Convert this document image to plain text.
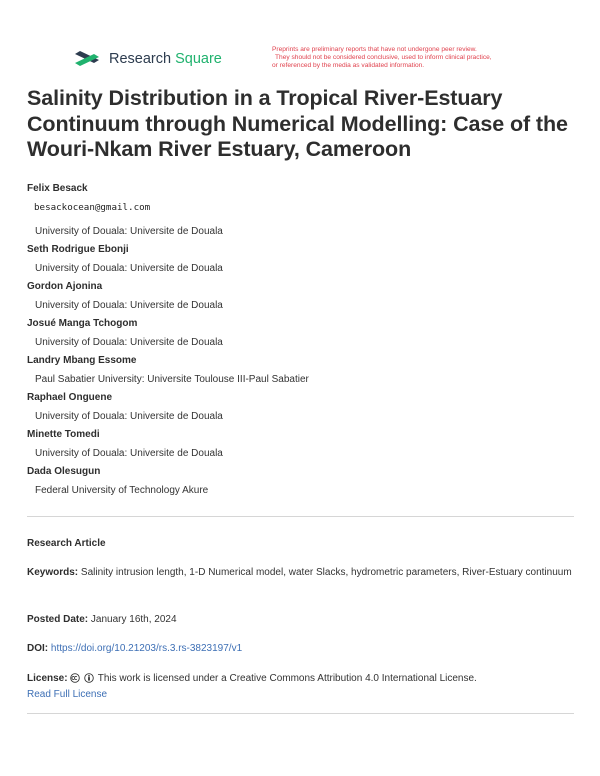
Research Square
Preprints are preliminary reports that have not undergone peer review.
They should not be considered conclusive, used to inform clinical practice,
or referenced by the media as validated information.
Salinity Distribution in a Tropical River-Estuary Continuum through Numerical Modelling: Case of the Wouri-Nkam River Estuary, Cameroon
Felix Besack
besackocean@gmail.com
University of Douala: Universite de Douala
Seth Rodrigue Ebonji
University of Douala: Universite de Douala
Gordon Ajonina
University of Douala: Universite de Douala
Josué Manga Tchogom
University of Douala: Universite de Douala
Landry Mbang Essome
Paul Sabatier University: Universite Toulouse III-Paul Sabatier
Raphael Onguene
University of Douala: Universite de Douala
Minette Tomedi
University of Douala: Universite de Douala
Dada Olesugun
Federal University of Technology Akure
Research Article
Keywords: Salinity intrusion length, 1-D Numerical model, water Slacks, hydrometric parameters, River-Estuary continuum
Posted Date: January 16th, 2024
DOI: https://doi.org/10.21203/rs.3.rs-3823197/v1
License:	This work is licensed under a Creative Commons Attribution 4.0 International License.
Read Full License
